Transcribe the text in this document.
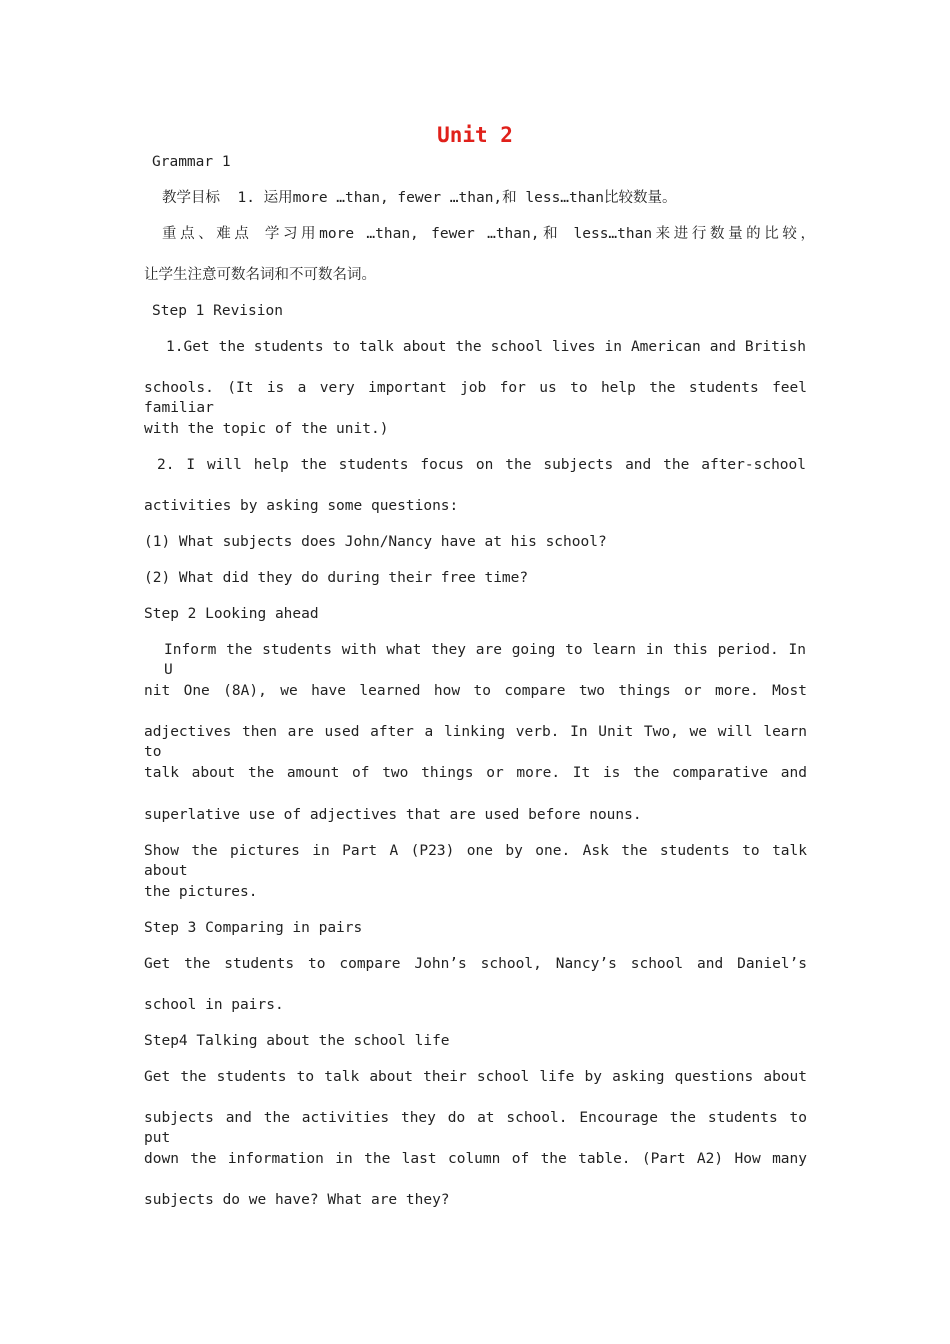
Unit 2
Grammar 1
教学目标  1. 运用more …than, fewer …than,和 less…than比较数量。
重点、难点 学习用more …than, fewer …than,和 less…than来进行数量的比较，
让学生注意可数名词和不可数名词。
Step 1 Revision
1.Get the students to talk about the school lives in American and British
schools. (It is a very important job for us to help the students feel familiar
with the topic of the unit.)
2. I will help the students focus on the subjects and the after-school
activities by asking some questions:
(1) What subjects does John/Nancy have at his school?
(2) What did they do during their free time?
Step 2 Looking ahead
Inform the students with what they are going to learn in this period. In U
nit One (8A), we have learned how to compare two things or more. Most
adjectives then are used after a linking verb. In Unit Two, we will learn to
talk about the amount of two things or more. It is the comparative and
superlative use of adjectives that are used before nouns.
Show the pictures in Part A (P23) one by one. Ask the students to talk about
the pictures.
Step 3 Comparing in pairs
Get the students to compare John’s school, Nancy’s school and Daniel’s
school in pairs.
Step4 Talking about the school life
Get the students to talk about their school life by asking questions about
subjects and the activities they do at school. Encourage the students to put
down the information in the last column of the table. (Part A2) How many
subjects do we have? What are they?
